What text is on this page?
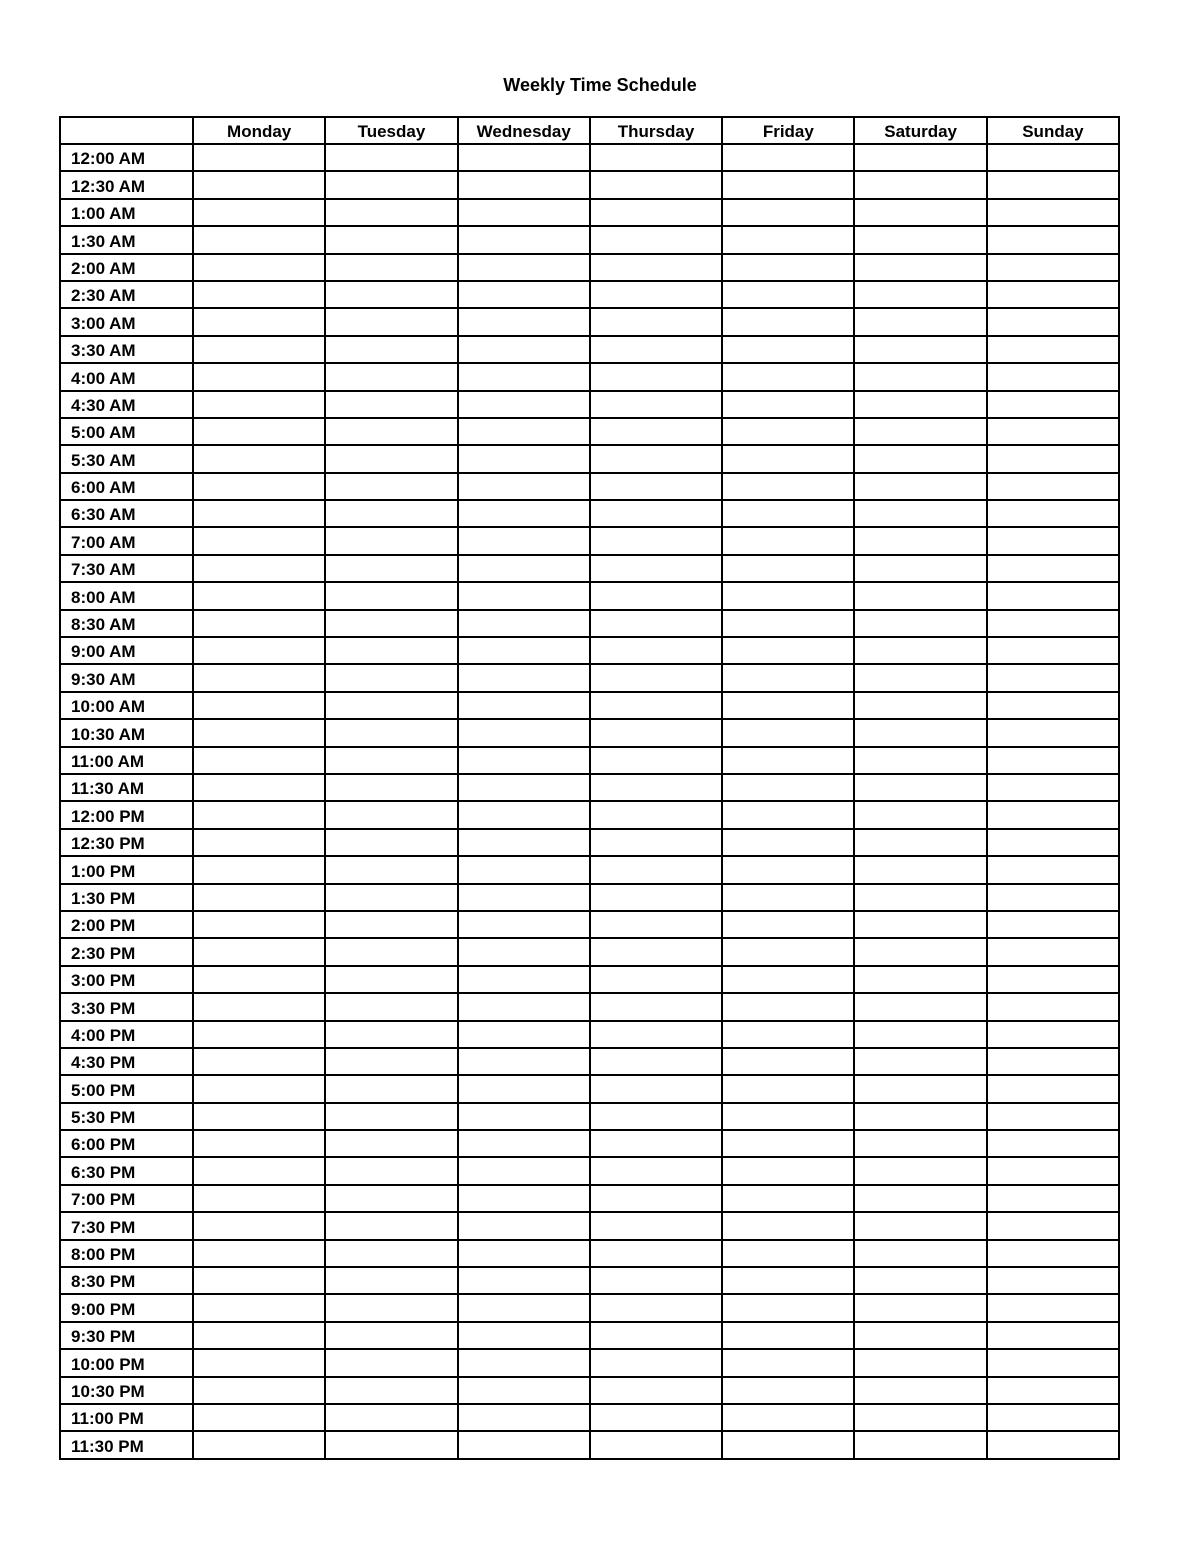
Weekly Time Schedule
	Monday	Tuesday	Wednesday	Thursday	Friday	Saturday	Sunday
12:00 AM							
12:30 AM							
1:00 AM							
1:30 AM							
2:00 AM							
2:30 AM							
3:00 AM							
3:30 AM							
4:00 AM							
4:30 AM							
5:00 AM							
5:30 AM							
6:00 AM							
6:30 AM							
7:00 AM							
7:30 AM							
8:00 AM							
8:30 AM							
9:00 AM							
9:30 AM							
10:00 AM							
10:30 AM							
11:00 AM							
11:30 AM							
12:00 PM							
12:30 PM							
1:00 PM							
1:30 PM							
2:00 PM							
2:30 PM							
3:00 PM							
3:30 PM							
4:00 PM							
4:30 PM							
5:00 PM							
5:30 PM							
6:00 PM							
6:30 PM							
7:00 PM							
7:30 PM							
8:00 PM							
8:30 PM							
9:00 PM							
9:30 PM							
10:00 PM							
10:30 PM							
11:00 PM							
11:30 PM							
